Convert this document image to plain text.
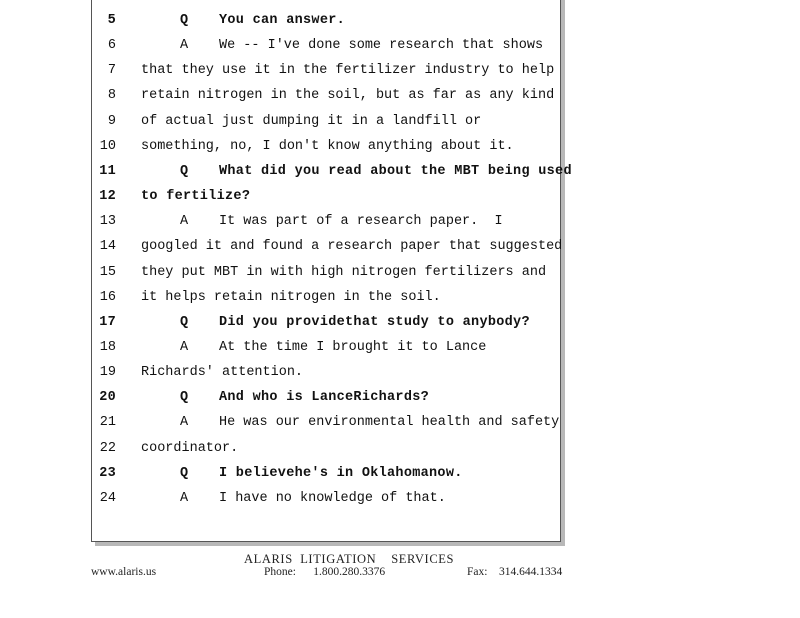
5	Q You can answer.
6	A We -- I've done some research that shows
7 that they use it in the fertilizer industry to help
8 retain nitrogen in the soil, but as far as any kind
9 of actual just dumping it in a landfill or
10 something, no, I don't know anything about it.
11	Q What did you read about the MBT being used
12 to fertilize?
13	A It was part of a research paper.  I
14 googled it and found a research paper that suggested
15 they put MBT in with high nitrogen fertilizers and
16 it helps retain nitrogen in the soil.
17	Q Did you providethat study to anybody?
18	A At the time I brought it to Lance
19 Richards' attention.
20	Q And who is LanceRichards?
21	A He was our environmental health and safety
22 coordinator.
23	Q I believehe's in Oklahomanow.
24	A I have no knowledge of that.
ALARIS  LITIGATION    SERVICES
www.alaris.us	Phone:      1.800.280.3376	Fax:    314.644.1334
